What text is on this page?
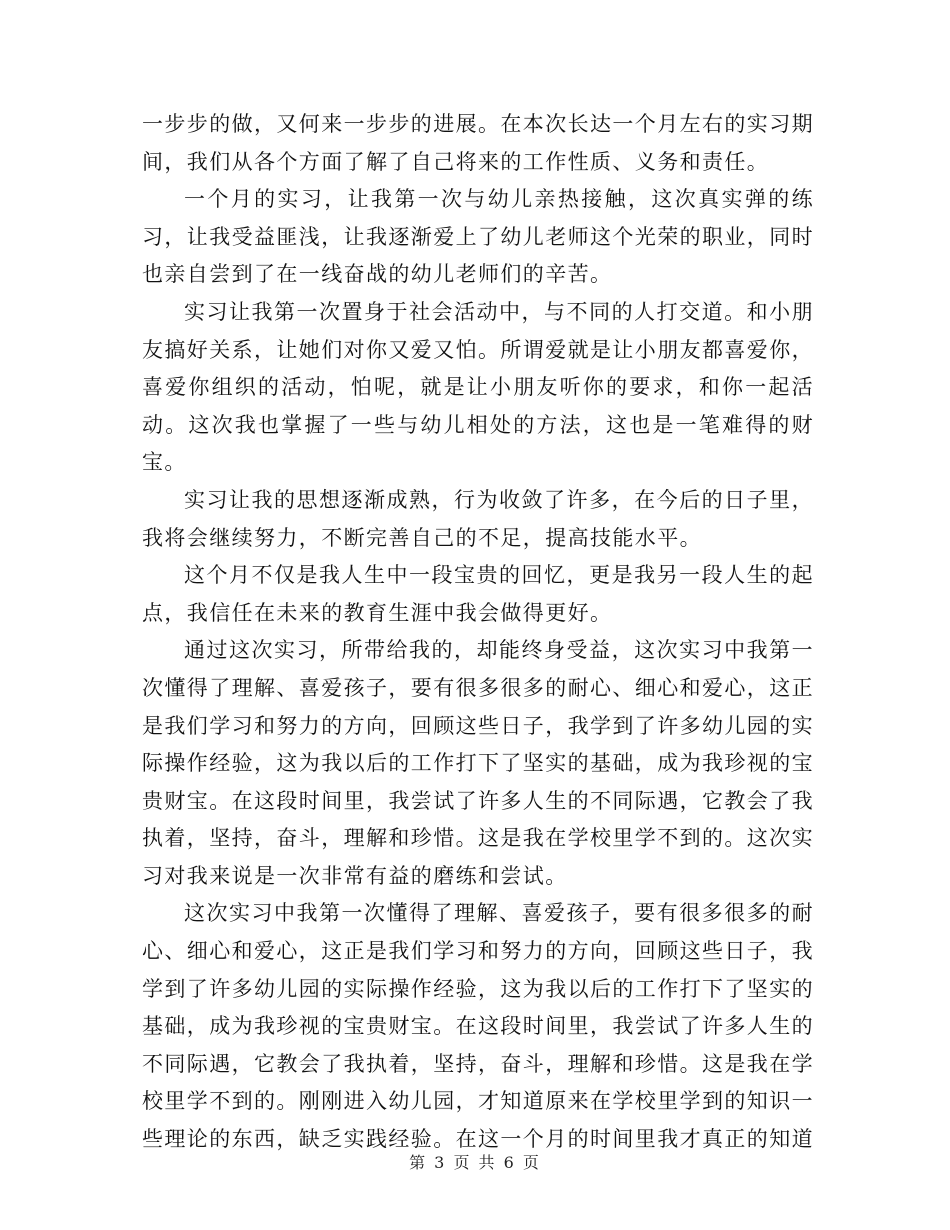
一步步的做，又何来一步步的进展。在本次长达一个月左右的实习期间，我们从各个方面了解了自己将来的工作性质、义务和责任。

一个月的实习，让我第一次与幼儿亲热接触，这次真实弹的练习，让我受益匪浅，让我逐渐爱上了幼儿老师这个光荣的职业，同时也亲自尝到了在一线奋战的幼儿老师们的辛苦。

实习让我第一次置身于社会活动中，与不同的人打交道。和小朋友搞好关系，让她们对你又爱又怕。所谓爱就是让小朋友都喜爱你，喜爱你组织的活动，怕呢，就是让小朋友听你的要求，和你一起活动。这次我也掌握了一些与幼儿相处的方法，这也是一笔难得的财宝。

实习让我的思想逐渐成熟，行为收敛了许多，在今后的日子里，我将会继续努力，不断完善自己的不足，提高技能水平。

这个月不仅是我人生中一段宝贵的回忆，更是我另一段人生的起点，我信任在未来的教育生涯中我会做得更好。

通过这次实习，所带给我的，却能终身受益，这次实习中我第一次懂得了理解、喜爱孩子，要有很多很多的耐心、细心和爱心，这正是我们学习和努力的方向，回顾这些日子，我学到了许多幼儿园的实际操作经验，这为我以后的工作打下了坚实的基础，成为我珍视的宝贵财宝。在这段时间里，我尝试了许多人生的不同际遇，它教会了我执着，坚持，奋斗，理解和珍惜。这是我在学校里学不到的。这次实习对我来说是一次非常有益的磨练和尝试。

这次实习中我第一次懂得了理解、喜爱孩子，要有很多很多的耐心、细心和爱心，这正是我们学习和努力的方向，回顾这些日子，我学到了许多幼儿园的实际操作经验，这为我以后的工作打下了坚实的基础，成为我珍视的宝贵财宝。在这段时间里，我尝试了许多人生的不同际遇，它教会了我执着，坚持，奋斗，理解和珍惜。这是我在学校里学不到的。刚刚进入幼儿园，才知道原来在学校里学到的知识一些理论的东西，缺乏实践经验。在这一个月的时间里我才真正的知道

第 3 页 共 6 页
